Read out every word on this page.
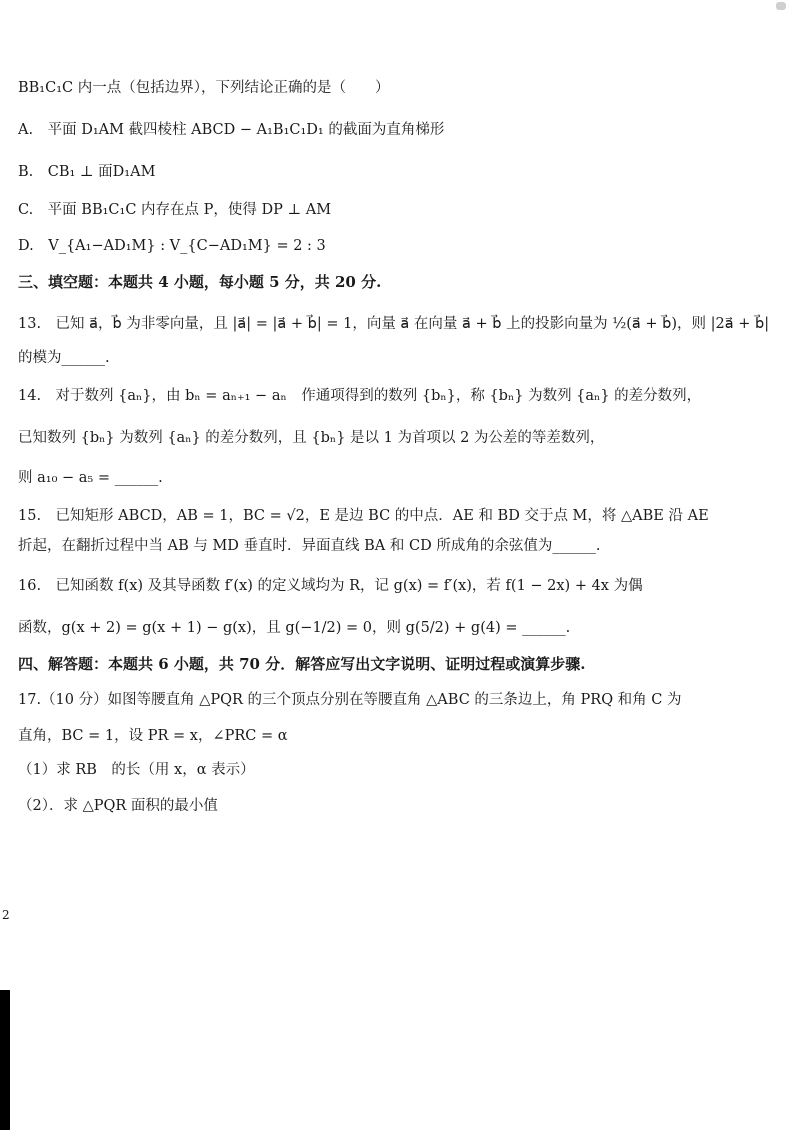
BB₁C₁C 内一点（包括边界），下列结论正确的是（　　）
A.　平面 D₁AM 截四棱柱 ABCD − A₁B₁C₁D₁ 的截面为直角梯形
B.　CB₁ ⊥ 面D₁AM
C.　平面 BB₁C₁C 内存在点 P，使得 DP ⊥ AM
D.　V_{A₁−AD₁M} : V_{C−AD₁M} = 2 : 3
三、填空题：本题共 4 小题，每小题 5 分，共 20 分.
13.　已知 a⃗，b⃗ 为非零向量，且 |a⃗| = |a⃗ + b⃗| = 1，向量 a⃗ 在向量 a⃗ + b⃗ 上的投影向量为 ½(a⃗ + b⃗)，则 |2a⃗ + b⃗|
的模为______.
14.　对于数列 {aₙ}，由 bₙ = aₙ₊₁ − aₙ　作通项得到的数列 {bₙ}，称 {bₙ} 为数列 {aₙ} 的差分数列，
已知数列 {bₙ} 为数列 {aₙ} 的差分数列，且 {bₙ} 是以 1 为首项以 2 为公差的等差数列，
则 a₁₀ − a₅ = ______.
15.　已知矩形 ABCD，AB = 1，BC = √2，E 是边 BC 的中点．AE 和 BD 交于点 M，将 △ABE 沿 AE
折起，在翻折过程中当 AB 与 MD 垂直时．异面直线 BA 和 CD 所成角的余弦值为______.
16.　已知函数 f(x) 及其导函数 f′(x) 的定义域均为 R，记 g(x) = f′(x)，若 f(1 − 2x) + 4x 为偶
函数，g(x + 2) = g(x + 1) − g(x)，且 g(−1/2) = 0，则 g(5/2) + g(4) = ______.
四、解答题：本题共 6 小题，共 70 分．解答应写出文字说明、证明过程或演算步骤.
17.（10 分）如图等腰直角 △PQR 的三个顶点分别在等腰直角 △ABC 的三条边上，角 PRQ 和角 C 为
直角，BC = 1，设 PR = x，∠PRC = α
（1）求 RB　的长（用 x，α 表示）
（2）．求 △PQR 面积的最小值
2
